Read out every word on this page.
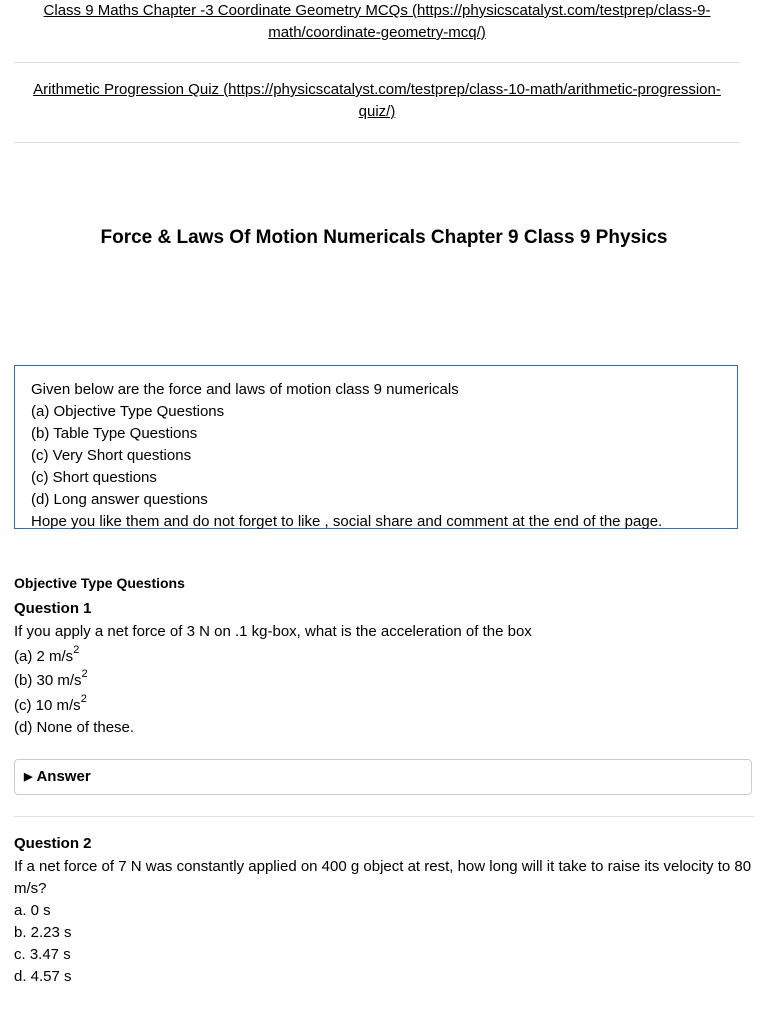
Class 9 Maths Chapter -3 Coordinate Geometry MCQs (https://physicscatalyst.com/testprep/class-9-
math/coordinate-geometry-mcq/)
Arithmetic Progression Quiz (https://physicscatalyst.com/testprep/class-10-math/arithmetic-progression-
quiz/)
Force & Laws Of Motion Numericals Chapter 9 Class 9 Physics
Given below are the force and laws of motion class 9 numericals
(a) Objective Type Questions
(b) Table Type Questions
(c) Very Short questions
(c) Short questions
(d) Long answer questions
Hope you like them and do not forget to like , social share and comment at the end of the page.
Objective Type Questions
Question 1
If you apply a net force of 3 N on .1 kg-box, what is the acceleration of the box
(a) 2 $m/s^2$
(b) 30 $m/s^2$
(c) 10 $m/s^2$
(d) None of these.
▶ Answer
Question 2
If a net force of 7 N was constantly applied on 400 g object at rest, how long will it take to raise its velocity to 80 m/s?
a. 0 s
b. 2.23 s
c. 3.47 s
d. 4.57 s
